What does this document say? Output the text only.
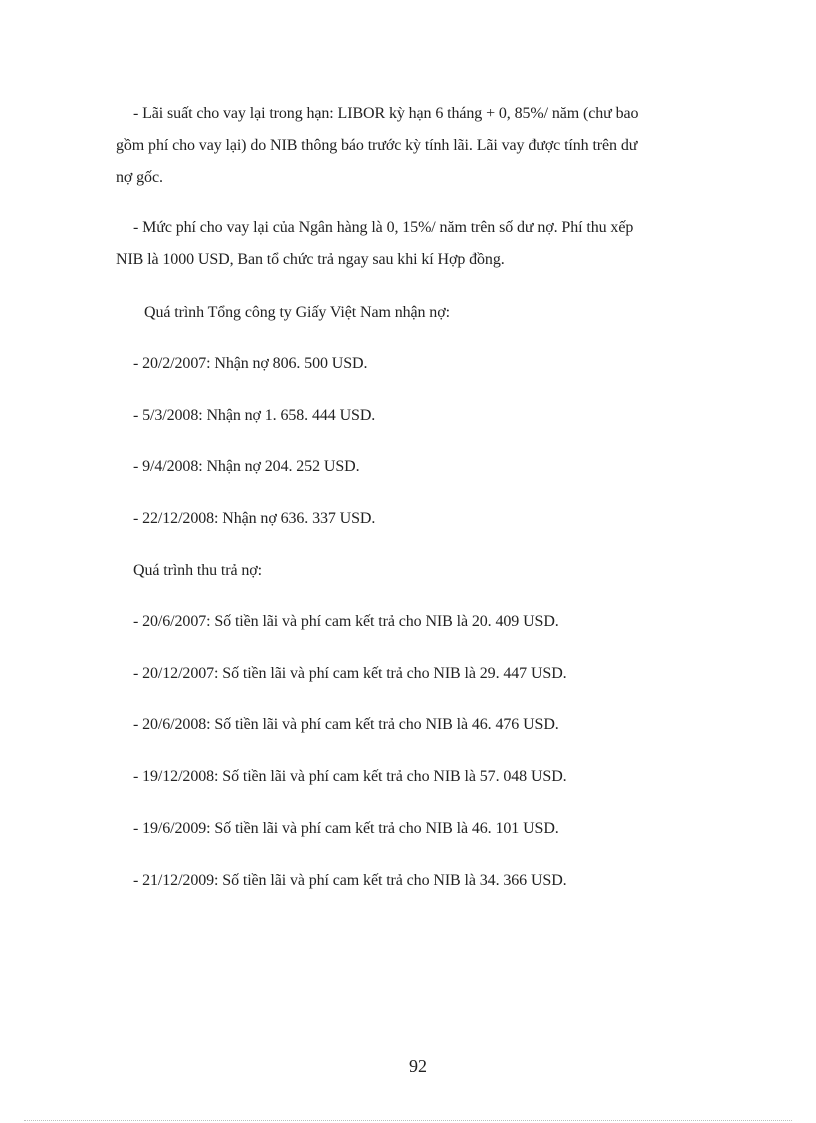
- Lãi suất cho vay lại trong hạn: LIBOR kỳ hạn 6 tháng + 0, 85%/ năm (chư bao
gồm phí cho vay lại) do NIB thông báo trước kỳ tính lãi. Lãi vay được tính trên dư
nợ gốc.
- Mức phí cho vay lại của Ngân hàng là 0, 15%/ năm trên số dư nợ. Phí thu xếp
NIB là 1000 USD, Ban tổ chức trả ngay sau khi kí Hợp đồng.
Quá trình Tổng công ty Giấy Việt Nam nhận nợ:
- 20/2/2007: Nhận nợ 806. 500 USD.
- 5/3/2008: Nhận nợ 1. 658. 444 USD.
- 9/4/2008: Nhận nợ 204. 252 USD.
- 22/12/2008: Nhận nợ 636. 337 USD.
Quá trình thu trả nợ:
- 20/6/2007: Số tiền lãi và phí cam kết trả cho NIB là 20. 409 USD.
- 20/12/2007: Số tiền lãi và phí cam kết trả cho NIB là 29. 447 USD.
- 20/6/2008: Số tiền lãi và phí cam kết trả cho NIB là 46. 476 USD.
- 19/12/2008: Số tiền lãi và phí cam kết trả cho NIB là 57. 048 USD.
- 19/6/2009: Số tiền lãi và phí cam kết trả cho NIB là 46. 101 USD.
- 21/12/2009: Số tiền lãi và phí cam kết trả cho NIB là 34. 366 USD.
92
